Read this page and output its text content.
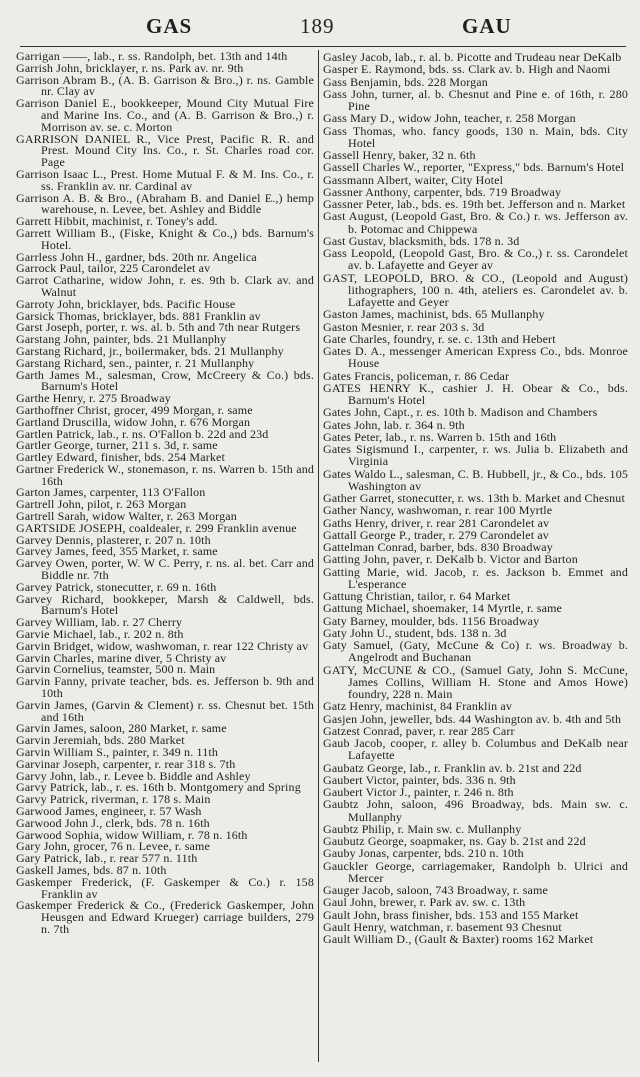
GAS	189	GAU
Garrigan ——, lab., r. ss. Randolph, bet. 13th and 14th
Garrish John, bricklayer, r. ns. Park av. nr. 9th
Garrison Abram B., (A. B. Garrison & Bro.,) r. ns. Gamble nr. Clay av
Garrison Daniel E., bookkeeper, Mound City Mutual Fire and Marine Ins. Co., and (A. B. Garrison & Bro.,) r. Morrison av. se. c. Morton
GARRISON DANIEL R., Vice Prest, Pacific R. R. and Prest. Mound City Ins. Co., r. St. Charles road cor. Page
Garrison Isaac L., Prest. Home Mutual F. & M. Ins. Co., r. ss. Franklin av. nr. Cardinal av
Garrison A. B. & Bro., (Abraham B. and Daniel E.,) hemp warehouse, n. Levee, bet. Ashley and Biddle
Garrett Hibbit, machinist, r. Toney's add.
Garrett William B., (Fiske, Knight & Co.,) bds. Barnum's Hotel.
Garrless John H., gardner, bds. 20th nr. Angelica
Garrock Paul, tailor, 225 Carondelet av
Garrot Catharine, widow John, r. es. 9th b. Clark av. and Walnut
Garroty John, bricklayer, bds. Pacific House
Garsick Thomas, bricklayer, bds. 881 Franklin av
Garst Joseph, porter, r. ws. al. b. 5th and 7th near Rutgers
Garstang John, painter, bds. 21 Mullanphy
Garstang Richard, jr., boilermaker, bds. 21 Mullanphy
Garstang Richard, sen., painter, r. 21 Mullanphy
Garth James M., salesman, Crow, McCreery & Co.) bds. Barnum's Hotel
Garthe Henry, r. 275 Broadway
Garthoffner Christ, grocer, 499 Morgan, r. same
Gartland Druscilla, widow John, r. 676 Morgan
Gartlen Patrick, lab., r. ns. O'Fallon b. 22d and 23d
Gartler George, turner, 211 s. 3d, r. same
Gartley Edward, finisher, bds. 254 Market
Gartner Frederick W., stonemason, r. ns. Warren b. 15th and 16th
Garton James, carpenter, 113 O'Fallon
Gartrell John, pilot, r. 263 Morgan
Gartrell Sarah, widow Walter, r. 263 Morgan
GARTSIDE JOSEPH, coaldealer, r. 299 Franklin avenue
Garvey Dennis, plasterer, r. 207 n. 10th
Garvey James, feed, 355 Market, r. same
Garvey Owen, porter, W. W C. Perry, r. ns. al. bet. Carr and Biddle nr. 7th
Garvey Patrick, stonecutter, r. 69 n. 16th
Garvey Richard, bookkeper, Marsh & Caldwell, bds. Barnum's Hotel
Garvey William, lab. r. 27 Cherry
Garvie Michael, lab., r. 202 n. 8th
Garvin Bridget, widow, washwoman, r. rear 122 Christy av
Garvin Charles, marine diver, 5 Christy av
Garvin Cornelius, teamster, 500 n. Main
Garvin Fanny, private teacher, bds. es. Jefferson b. 9th and 10th
Garvin James, (Garvin & Clement) r. ss. Chesnut bet. 15th and 16th
Garvin James, saloon, 280 Market, r. same
Garvin Jeremiah, bds. 280 Market
Garvin William S., painter, r. 349 n. 11th
Garvinar Joseph, carpenter, r. rear 318 s. 7th
Garvy John, lab., r. Levee b. Biddle and Ashley
Garvy Patrick, lab., r. es. 16th b. Montgomery and Spring
Garvy Patrick, riverman, r. 178 s. Main
Garwood James, engineer, r. 57 Wash
Garwood John J., clerk, bds. 78 n. 16th
Garwood Sophia, widow William, r. 78 n. 16th
Gary John, grocer, 76 n. Levee, r. same
Gary Patrick, lab., r. rear 577 n. 11th
Gaskell James, bds. 87 n. 10th
Gaskemper Frederick, (F. Gaskemper & Co.) r. 158 Franklin av
Gaskemper Frederick & Co., (Frederick Gaskemper, John Heusgen and Edward Krueger) carriage builders, 279 n. 7th
Gasley Jacob, lab., r. al. b. Picotte and Trudeau near DeKalb
Gasper E. Raymond, bds. ss. Clark av. b. High and Naomi
Gass Benjamin, bds. 228 Morgan
Gass John, turner, al. b. Chesnut and Pine e. of 16th, r. 280 Pine
Gass Mary D., widow John, teacher, r. 258 Morgan
Gass Thomas, who. fancy goods, 130 n. Main, bds. City Hotel
Gassell Henry, baker, 32 n. 6th
Gassell Charles W., reporter, "Express," bds. Barnum's Hotel
Gassmann Albert, waiter, City Hotel
Gassner Anthony, carpenter, bds. 719 Broadway
Gassner Peter, lab., bds. es. 19th bet. Jefferson and n. Market
Gast August, (Leopold Gast, Bro. & Co.) r. ws. Jefferson av. b. Potomac and Chippewa
Gast Gustav, blacksmith, bds. 178 n. 3d
Gass Leopold, (Leopold Gast, Bro. & Co.,) r. ss. Carondelet av. b. Lafayette and Geyer av
GAST, LEOPOLD, BRO. & CO., (Leopold and August) lithographers, 100 n. 4th, ateliers es. Carondelet av. b. Lafayette and Geyer
Gaston James, machinist, bds. 65 Mullanphy
Gaston Mesnier, r. rear 203 s. 3d
Gate Charles, foundry, r. se. c. 13th and Hebert
Gates D. A., messenger American Express Co., bds. Monroe House
Gates Francis, policeman, r. 86 Cedar
GATES HENRY K., cashier J. H. Obear & Co., bds. Barnum's Hotel
Gates John, Capt., r. es. 10th b. Madison and Chambers
Gates John, lab. r. 364 n. 9th
Gates Peter, lab., r. ns. Warren b. 15th and 16th
Gates Sigismund I., carpenter, r. ws. Julia b. Elizabeth and Virginia
Gates Waldo L., salesman, C. B. Hubbell, jr., & Co., bds. 105 Washington av
Gather Garret, stonecutter, r. ws. 13th b. Market and Chesnut
Gather Nancy, washwoman, r. rear 100 Myrtle
Gaths Henry, driver, r. rear 281 Carondelet av
Gattall George P., trader, r. 279 Carondelet av
Gattelman Conrad, barber, bds. 830 Broadway
Gatting John, paver, r. DeKalb b. Victor and Barton
Gatting Marie, wid. Jacob, r. es. Jackson b. Emmet and L'esperance
Gattung Christian, tailor, r. 64 Market
Gattung Michael, shoemaker, 14 Myrtle, r. same
Gaty Barney, moulder, bds. 1156 Broadway
Gaty John U., student, bds. 138 n. 3d
Gaty Samuel, (Gaty, McCune & Co) r. ws. Broadway b. Angelrodt and Buchanan
GATY, McCUNE & CO., (Samuel Gaty, John S. McCune, James Collins, William H. Stone and Amos Howe) foundry, 228 n. Main
Gatz Henry, machinist, 84 Franklin av
Gasjen John, jeweller, bds. 44 Washington av. b. 4th and 5th
Gatzest Conrad, paver, r. rear 285 Carr
Gaub Jacob, cooper, r. alley b. Columbus and DeKalb near Lafayette
Gaubatz George, lab., r. Franklin av. b. 21st and 22d
Gaubert Victor, painter, bds. 336 n. 9th
Gaubert Victor J., painter, r. 246 n. 8th
Gaubtz John, saloon, 496 Broadway, bds. Main sw. c. Mullanphy
Gaubtz Philip, r. Main sw. c. Mullanphy
Gaubutz George, soapmaker, ns. Gay b. 21st and 22d
Gauby Jonas, carpenter, bds. 210 n. 10th
Gauckler George, carriagemaker, Randolph b. Ulrici and Mercer
Gauger Jacob, saloon, 743 Broadway, r. same
Gaul John, brewer, r. Park av. sw. c. 13th
Gault John, brass finisher, bds. 153 and 155 Market
Gault Henry, watchman, r. basement 93 Chesnut
Gault William D., (Gault & Baxter) rooms 162 Market
